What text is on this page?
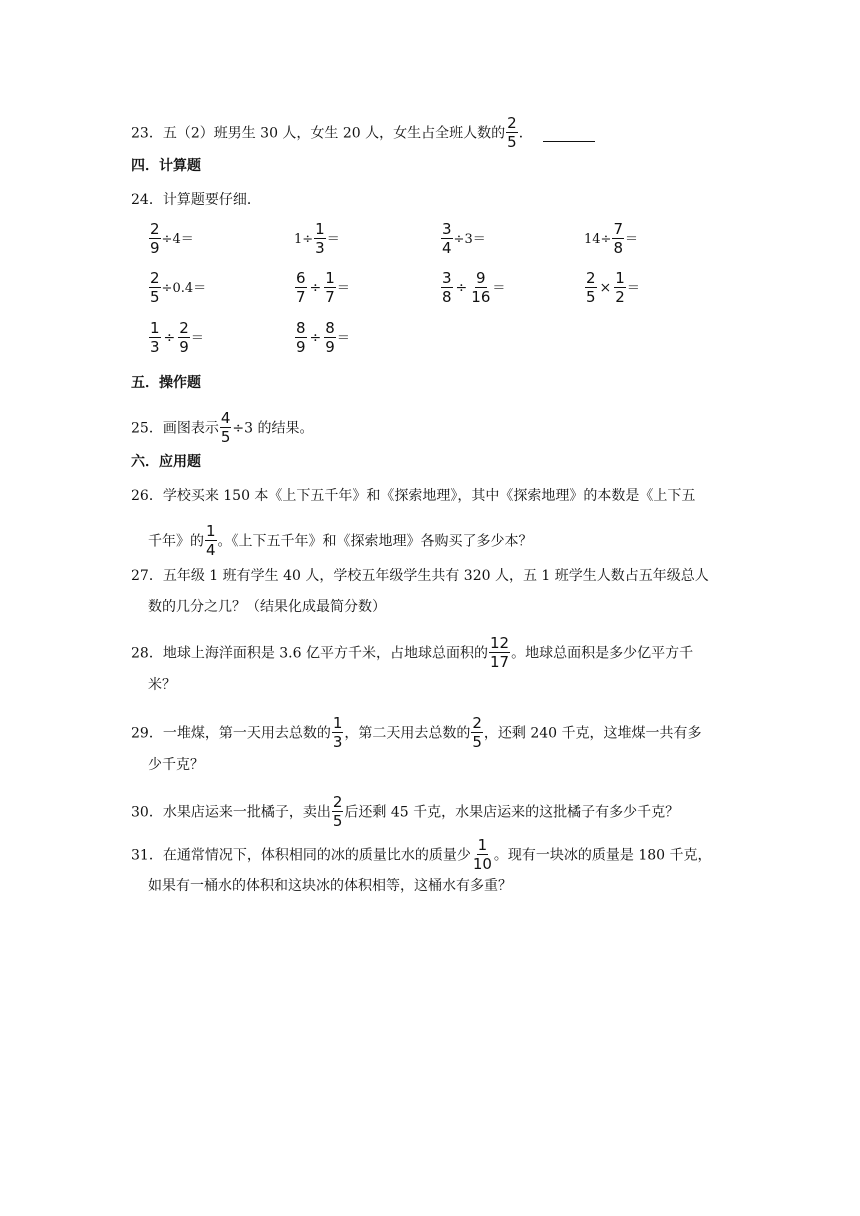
23．五（2）班男生 30 人，女生 20 人，女生占全班人数的 $\frac{2}{5}$ ．
四．计算题
24．计算题要仔细．
$\frac{2}{9} \div 4=$	$1\div \frac{1}{3}$ ＝	$\frac{3}{4} \div 3=$	$14\div \frac{7}{8}$ ＝
$\frac{2}{5} \div 0.4=$	$\frac{6}{7} \div \frac{1}{7}$ ＝	$\frac{3}{8} \div \frac{9}{16}$ ＝	$\frac{2}{5} \times \frac{1}{2}$ ＝
$\frac{1}{3} \div \frac{2}{9}$ ＝	$\frac{8}{9} \div \frac{8}{9}$ ＝
五．操作题
25．画图表示 $\frac{4}{5} \div 3$ 的结果。
六．应用题
26．学校买来 150 本《上下五千年》和《探索地理》，其中《探索地理》的本数是《上下五
千年》的 $\frac{1}{4}$ 。《上下五千年》和《探索地理》各购买了多少本？
27．五年级 1 班有学生 40 人，学校五年级学生共有 320 人，五 1 班学生人数占五年级总人
数的几分之几？（结果化成最简分数）
28．地球上海洋面积是 3.6 亿平方千米，占地球总面积的 $\frac{12}{17}$ 。地球总面积是多少亿平方千
米？
29．一堆煤，第一天用去总数的 $\frac{1}{3}$ ，第二天用去总数的 $\frac{2}{5}$ ，还剩 240 千克，这堆煤一共有多
少千克？
30．水果店运来一批橘子，卖出 $\frac{2}{5}$ 后还剩 45 千克，水果店运来的这批橘子有多少千克？
31．在通常情况下，体积相同的冰的质量比水的质量少 $\frac{1}{10}$ 。现有一块冰的质量是 180 千克，
如果有一桶水的体积和这块冰的体积相等，这桶水有多重？
